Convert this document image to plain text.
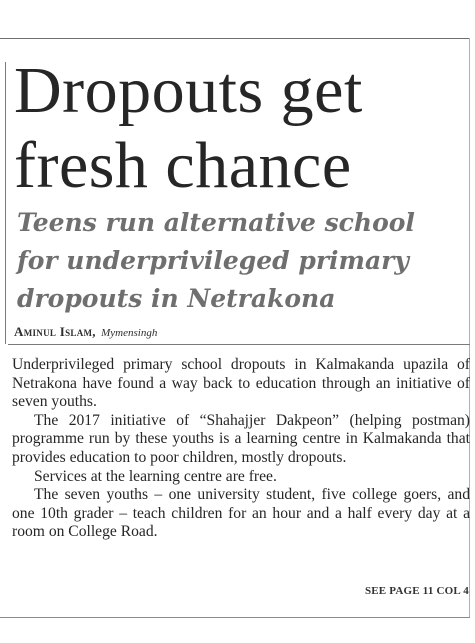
Dropouts get
fresh chance
Teens run alternative school for underprivileged primary dropouts in Netrakona
Aminul Islam, Mymensingh

Underprivileged primary school dropouts in Kalmakanda upazila of Netrakona have found a way back to education through an initiative of seven youths.

The 2017 initiative of “Shahajjer Dakpeon” (helping postman) programme run by these youths is a learning centre in Kalmakanda that provides education to poor children, mostly dropouts.

Services at the learning centre are free.

The seven youths – one university student, five college goers, and one 10th grader – teach children for an hour and a half every day at a room on College Road.

SEE PAGE 11 COL 4
